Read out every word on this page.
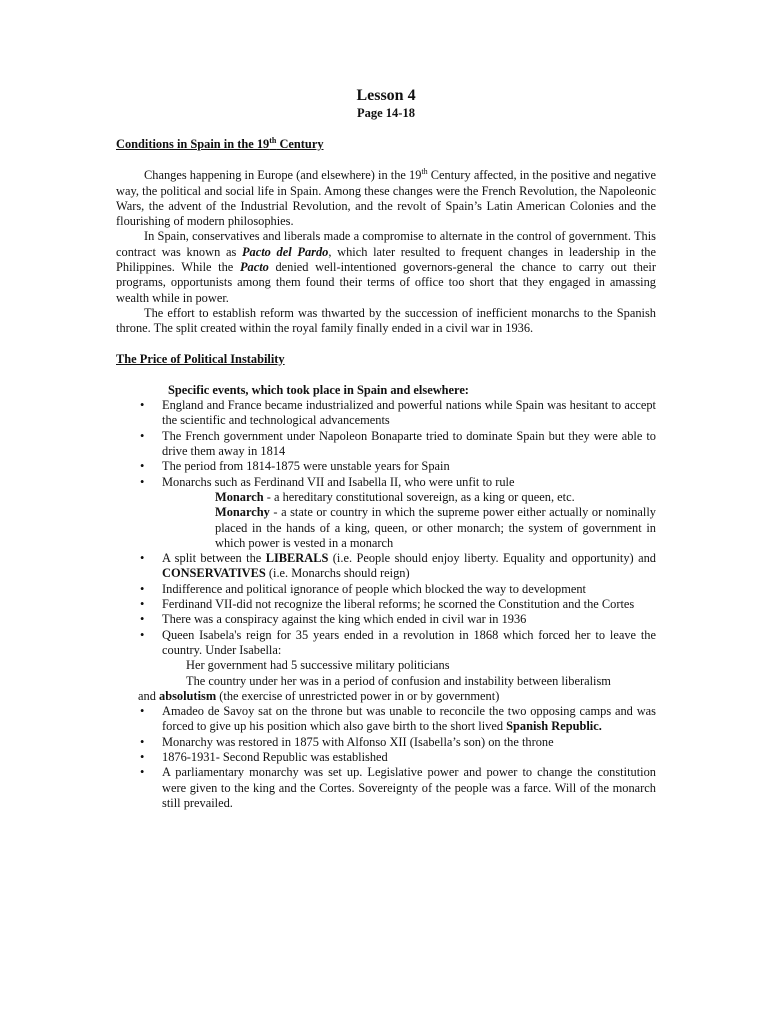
Lesson 4
Page 14-18
Conditions in Spain in the 19th Century

Changes happening in Europe (and elsewhere) in the 19th Century affected, in the positive and negative way, the political and social life in Spain. Among these changes were the French Revolution, the Napoleonic Wars, the advent of the Industrial Revolution, and the revolt of Spain’s Latin American Colonies and the flourishing of modern philosophies.

In Spain, conservatives and liberals made a compromise to alternate in the control of government. This contract was known as Pacto del Pardo, which later resulted to frequent changes in leadership in the Philippines. While the Pacto denied well-intentioned governors-general the chance to carry out their programs, opportunists among them found their terms of office too short that they engaged in amassing wealth while in power.

The effort to establish reform was thwarted by the succession of inefficient monarchs to the Spanish throne. The split created within the royal family finally ended in a civil war in 1936.

The Price of Political Instability
Specific events, which took place in Spain and elsewhere:
• England and France became industrialized and powerful nations while Spain was hesitant to accept the scientific and technological advancements
• The French government under Napoleon Bonaparte tried to dominate Spain but they were able to drive them away in 1814
• The period from 1814-1875 were unstable years for Spain
• Monarchs such as Ferdinand VII and Isabella II, who were unfit to rule
Monarch - a hereditary constitutional sovereign, as a king or queen, etc.
Monarchy - a state or country in which the supreme power either actually or nominally placed in the hands of a king, queen, or other monarch; the system of government in which power is vested in a monarch
• A split between the LIBERALS (i.e. People should enjoy liberty. Equality and opportunity) and CONSERVATIVES (i.e. Monarchs should reign)
• Indifference and political ignorance of people which blocked the way to development
• Ferdinand VII-did not recognize the liberal reforms; he scorned the Constitution and the Cortes
• There was a conspiracy against the king which ended in civil war in 1936
• Queen Isabela's reign for 35 years ended in a revolution in 1868 which forced her to leave the country. Under Isabella:
Her government had 5 successive military politicians
The country under her was in a period of confusion and instability between liberalism
and absolutism (the exercise of unrestricted power in or by government)
• Amadeo de Savoy sat on the throne but was unable to reconcile the two opposing camps and was forced to give up his position which also gave birth to the short lived Spanish Republic.
• Monarchy was restored in 1875 with Alfonso XII (Isabella’s son) on the throne
• 1876-1931- Second Republic was established
• A parliamentary monarchy was set up. Legislative power and power to change the constitution were given to the king and the Cortes. Sovereignty of the people was a farce. Will of the monarch still prevailed.
